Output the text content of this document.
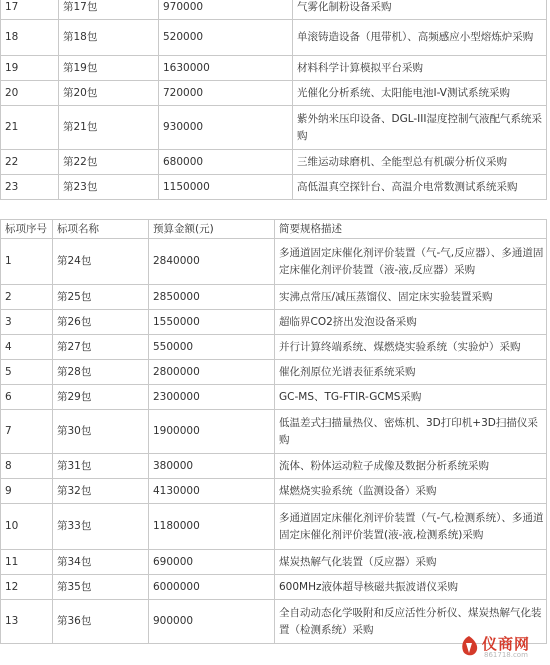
17	第17包	970000	气雾化制粉设备采购
18	第18包	520000	单滚铸造设备（甩带机）、高频感应小型熔炼炉采购
19	第19包	1630000	材料科学计算模拟平台采购
20	第20包	720000	光催化分析系统、太阳能电池I-V测试系统采购
21	第21包	930000	紫外纳米压印设备、DGL-III湿度控制气液配气系统采购
22	第22包	680000	三维运动球磨机、全能型总有机碳分析仪采购
23	第23包	1150000	高低温真空探针台、高温介电常数测试系统采购
标项序号	标项名称	预算金额(元)	简要规格描述
1	第24包	2840000	多通道固定床催化剂评价装置（气-气,反应器）、多通道固定床催化剂评价装置（液-液,反应器）采购
2	第25包	2850000	实沸点常压/减压蒸馏仪、固定床实验装置采购
3	第26包	1550000	超临界CO2挤出发泡设备采购
4	第27包	550000	并行计算终端系统、煤燃烧实验系统（实验炉）采购
5	第28包	2800000	催化剂原位光谱表征系统采购
6	第29包	2300000	GC-MS、TG-FTIR-GCMS采购
7	第30包	1900000	低温差式扫描量热仪、密炼机、3D打印机+3D扫描仪采购
8	第31包	380000	流体、粉体运动粒子成像及数据分析系统采购
9	第32包	4130000	煤燃烧实验系统（监测设备）采购
10	第33包	1180000	多通道固定床催化剂评价装置（气-气,检测系统）、多通道固定床催化剂评价装置(液-液,检测系统)采购
11	第34包	690000	煤炭热解气化装置（反应器）采购
12	第35包	6000000	600MHz液体超导核磁共振波谱仪采购
13	第36包	900000	全自动动态化学吸附和反应活性分析仪、煤炭热解气化装置（检测系统）采购
仪商网
861718.com
